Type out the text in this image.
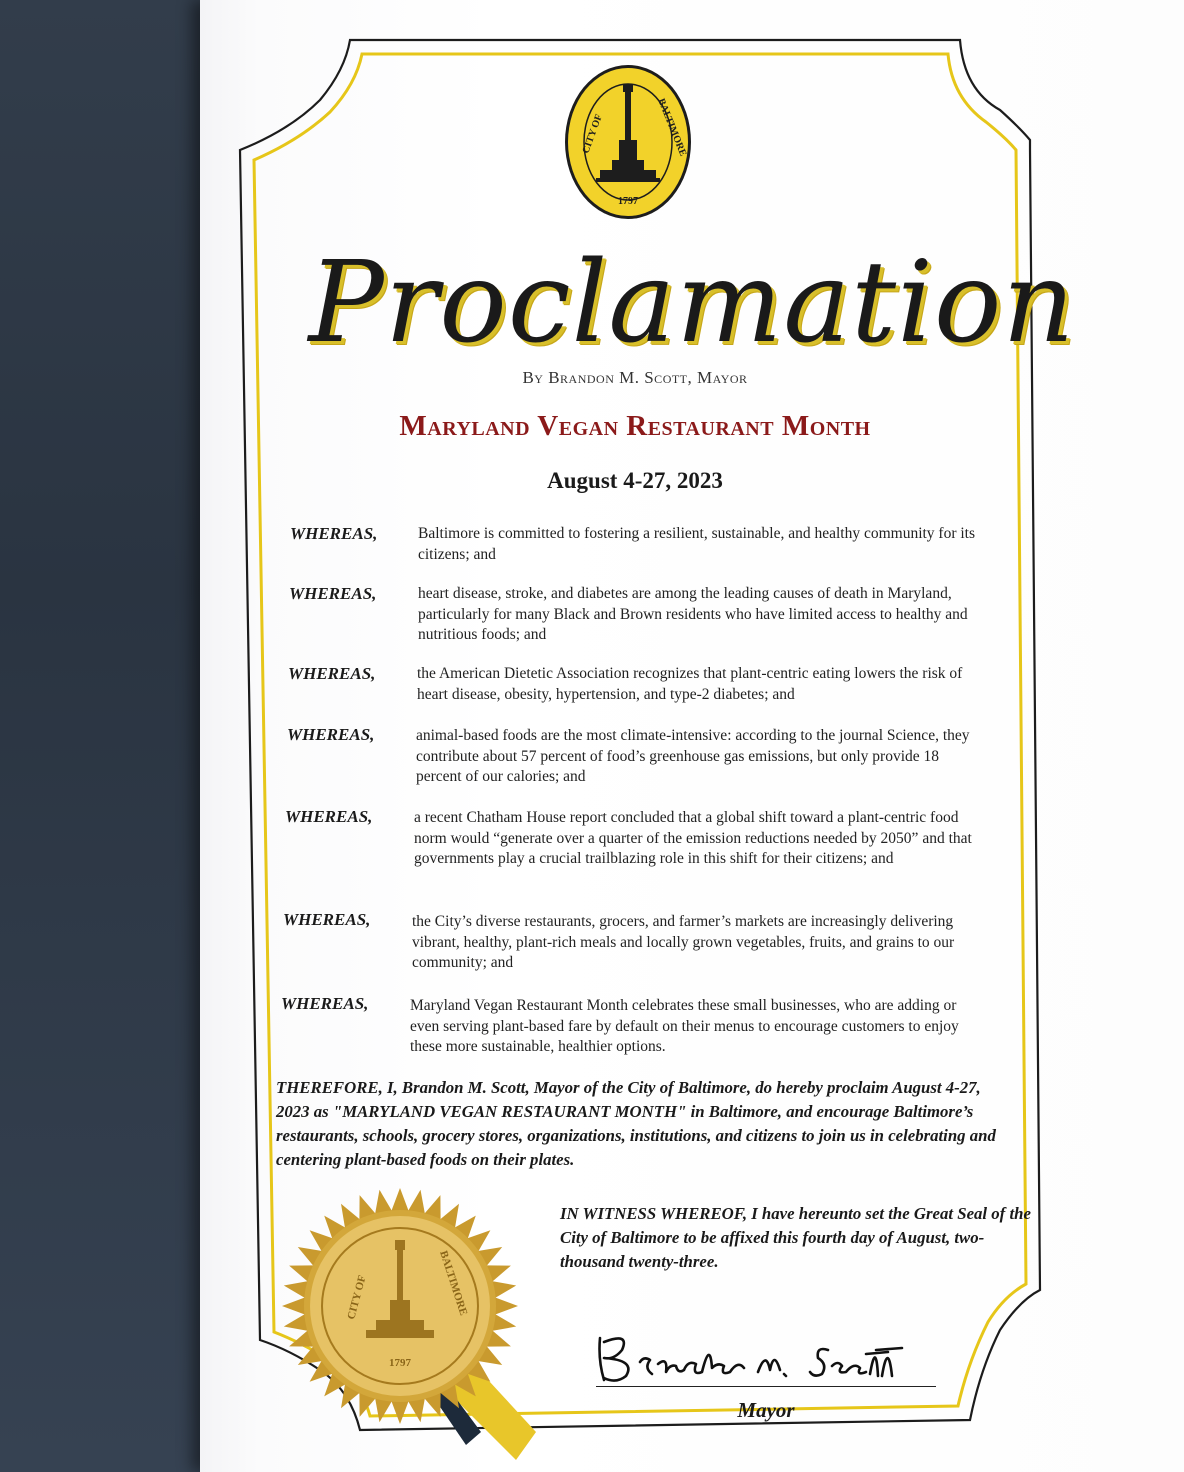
CITY OF	BALTIMORE
1797
Proclamation
By Brandon M. Scott, Mayor
Maryland Vegan Restaurant Month
August 4-27, 2023
WHEREAS,	Baltimore is committed to fostering a resilient, sustainable, and healthy community for its citizens; and
WHEREAS,	heart disease, stroke, and diabetes are among the leading causes of death in Maryland, particularly for many Black and Brown residents who have limited access to healthy and nutritious foods; and
WHEREAS,	the American Dietetic Association recognizes that plant-centric eating lowers the risk of heart disease, obesity, hypertension, and type-2 diabetes; and
WHEREAS,	animal-based foods are the most climate-intensive: according to the journal Science, they contribute about 57 percent of food’s greenhouse gas emissions, but only provide 18 percent of our calories; and
WHEREAS,	a recent Chatham House report concluded that a global shift toward a plant-centric food norm would “generate over a quarter of the emission reductions needed by 2050” and that governments play a crucial trailblazing role in this shift for their citizens; and
WHEREAS,	the City’s diverse restaurants, grocers, and farmer’s markets are increasingly delivering vibrant, healthy, plant-rich meals and locally grown vegetables, fruits, and grains to our community; and
WHEREAS,	Maryland Vegan Restaurant Month celebrates these small businesses, who are adding or even serving plant-based fare by default on their menus to encourage customers to enjoy these more sustainable, healthier options.
THEREFORE, I, Brandon M. Scott, Mayor of the City of Baltimore, do hereby proclaim August 4-27, 2023 as "MARYLAND VEGAN RESTAURANT MONTH" in Baltimore, and encourage Baltimore’s restaurants, schools, grocery stores, organizations, institutions, and citizens to join us in celebrating and centering plant-based foods on their plates.
CITY OF	BALTIMORE
1797
IN WITNESS WHEREOF, I have hereunto set the Great Seal of the City of Baltimore to be affixed this fourth day of August, two-thousand twenty-three.
Mayor
